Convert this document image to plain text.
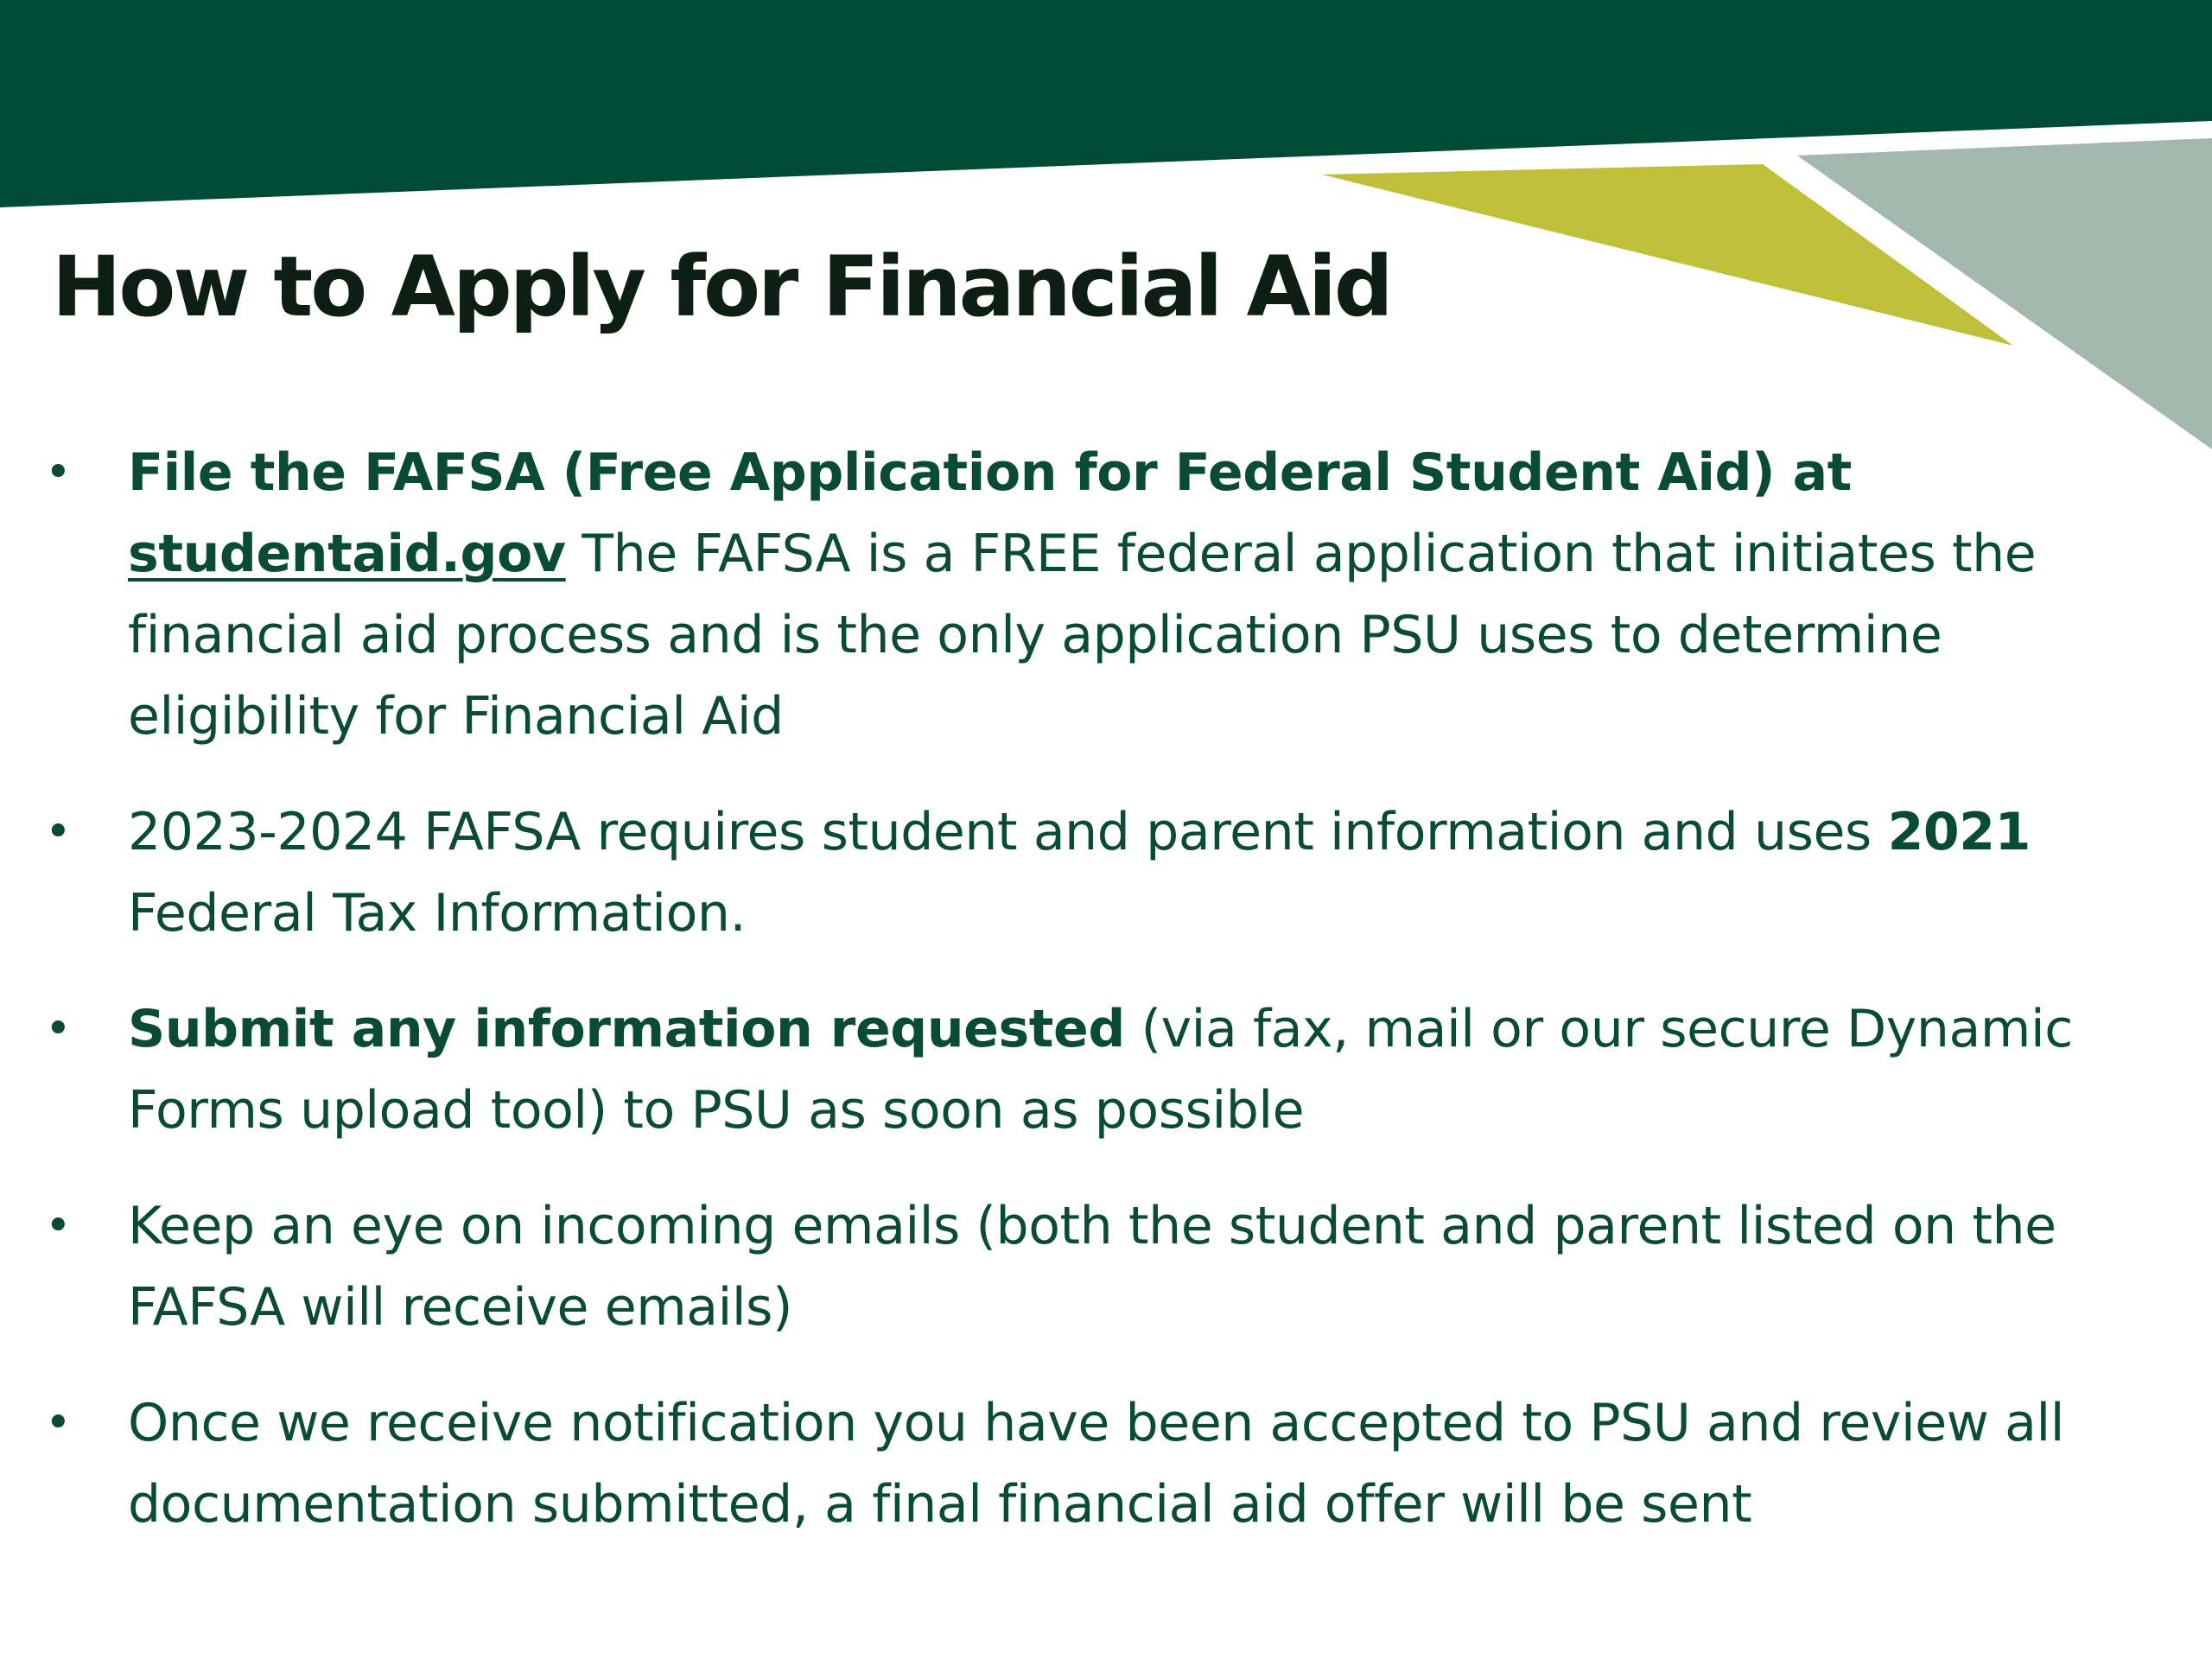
How to Apply for Financial Aid
• File the FAFSA (Free Application for Federal Student Aid) at
studentaid.gov The FAFSA is a FREE federal application that initiates the financial aid process and is the only application PSU uses to determine eligibility for Financial Aid
• 2023-2024 FAFSA requires student and parent information and uses 2021 Federal Tax Information.
• Submit any information requested (via fax, mail or our secure Dynamic Forms upload tool) to PSU as soon as possible
• Keep an eye on incoming emails (both the student and parent listed on the FAFSA will receive emails)
• Once we receive notification you have been accepted to PSU and review all documentation submitted, a final financial aid offer will be sent
